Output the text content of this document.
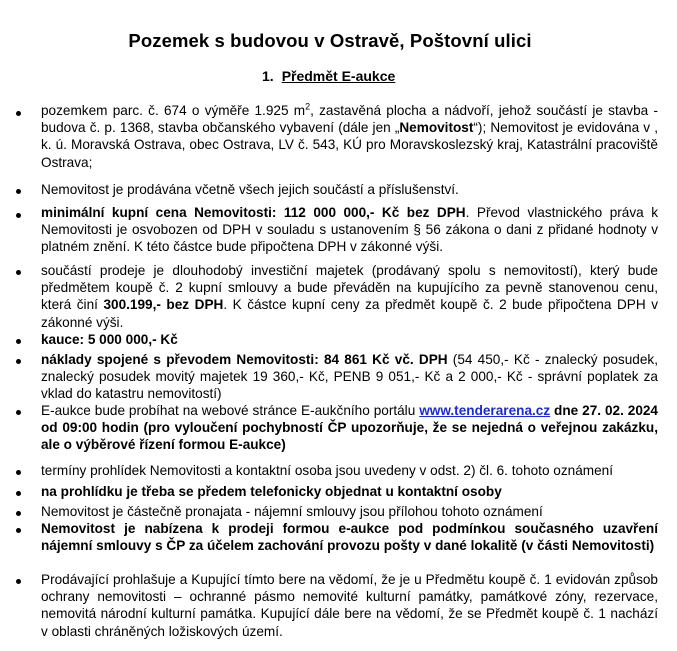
Pozemek s budovou v Ostravě, Poštovní ulici
1. Předmět E-aukce
pozemkem parc. č. 674 o výměře 1.925 $m^2$, zastavěná plocha a nádvoří, jehož součástí je stavba - budova č. p. 1368, stavba občanského vybavení (dále jen „Nemovitost“); Nemovitost je evidována v , k. ú. Moravská Ostrava, obec Ostrava, LV č. 543, KÚ pro Moravskoslezský kraj, Katastrální pracoviště Ostrava;
Nemovitost je prodávána včetně všech jejich součástí a příslušenství.
minimální kupní cena Nemovitosti: 112 000 000,- Kč bez DPH. Převod vlastnického práva k Nemovitosti je osvobozen od DPH v souladu s ustanovením § 56 zákona o dani z přidané hodnoty v platném znění. K této částce bude připočtena DPH v zákonné výši.
součástí prodeje je dlouhodobý investiční majetek (prodávaný spolu s nemovitostí), který bude předmětem koupě č. 2 kupní smlouvy a bude převáděn na kupujícího za pevně stanovenou cenu, která činí 300.199,- bez DPH. K částce kupní ceny za předmět koupě č. 2 bude připočtena DPH v zákonné výši.
kauce: 5 000 000,- Kč
náklady spojené s převodem Nemovitosti: 84 861 Kč vč. DPH (54 450,- Kč - znalecký posudek, znalecký posudek movitý majetek 19 360,- Kč, PENB 9 051,- Kč a 2 000,- Kč - správní poplatek za vklad do katastru nemovitostí)
E-aukce bude probíhat na webové stránce E-aukčního portálu www.tenderarena.cz dne 27. 02. 2024 od 09:00 hodin (pro vyloučení pochybností ČP upozorňuje, že se nejedná o veřejnou zakázku, ale o výběrové řízení formou E-aukce)
termíny prohlídek Nemovitosti a kontaktní osoba jsou uvedeny v odst. 2) čl. 6. tohoto oznámení
na prohlídku je třeba se předem telefonicky objednat u kontaktní osoby
Nemovitost je částečně pronajata - nájemní smlouvy jsou přílohou tohoto oznámení
Nemovitost je nabízena k prodeji formou e-aukce pod podmínkou současného uzavření nájemní smlouvy s ČP za účelem zachování provozu pošty v dané lokalitě (v části Nemovitosti)
Prodávající prohlašuje a Kupující tímto bere na vědomí, že je u Předmětu koupě č. 1 evidován způsob ochrany nemovitosti – ochranné pásmo nemovité kulturní památky, památkové zóny, rezervace, nemovitá národní kulturní památka. Kupující dále bere na vědomí, že se Předmět koupě č. 1 nachází v oblasti chráněných ložiskových území.
